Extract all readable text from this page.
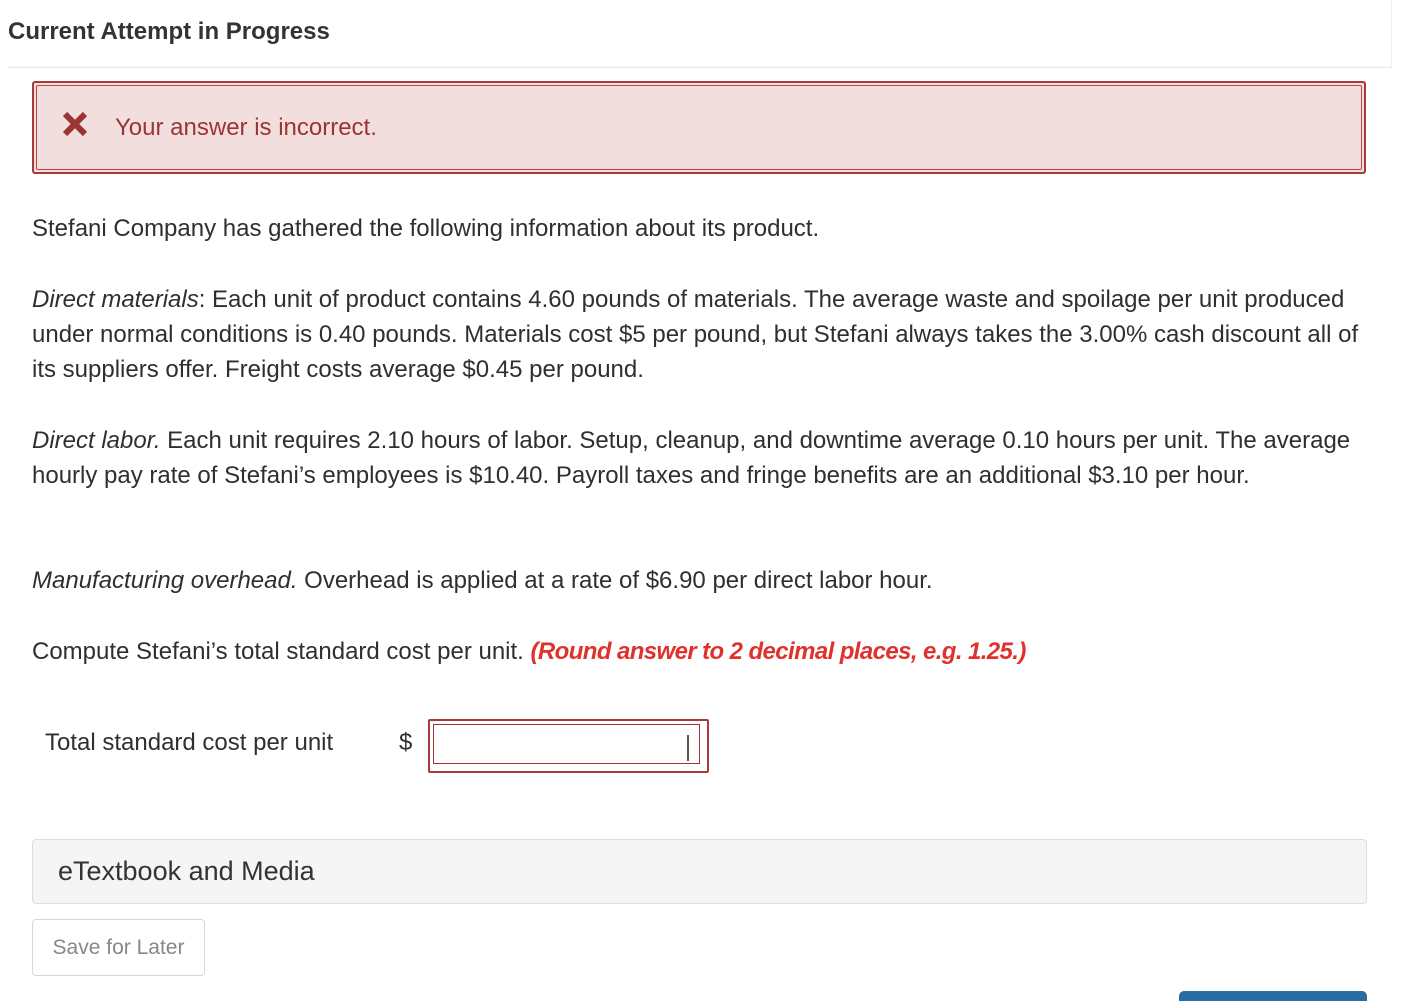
Current Attempt in Progress
Your answer is incorrect.
Stefani Company has gathered the following information about its product.
Direct materials: Each unit of product contains 4.60 pounds of materials. The average waste and spoilage per unit produced under normal conditions is 0.40 pounds. Materials cost $5 per pound, but Stefani always takes the 3.00% cash discount all of its suppliers offer. Freight costs average $0.45 per pound.
Direct labor. Each unit requires 2.10 hours of labor. Setup, cleanup, and downtime average 0.10 hours per unit. The average hourly pay rate of Stefani’s employees is $10.40. Payroll taxes and fringe benefits are an additional $3.10 per hour.
Manufacturing overhead. Overhead is applied at a rate of $6.90 per direct labor hour.
Compute Stefani’s total standard cost per unit. (Round answer to 2 decimal places, e.g. 1.25.)
Total standard cost per unit	$
eTextbook and Media
Save for Later
